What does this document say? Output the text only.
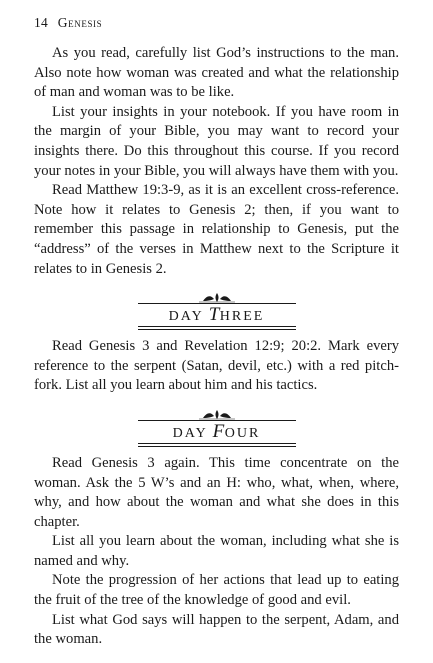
14 Genesis

As you read, carefully list God’s instructions to the man. Also note how woman was created and what the relationship of man and woman was to be like.

List your insights in your notebook. If you have room in the margin of your Bible, you may want to record your insights there. Do this throughout this course. If you record your notes in your Bible, you will always have them with you.

Read Matthew 19:3-9, as it is an excellent cross-reference. Note how it relates to Genesis 2; then, if you want to remember this passage in relationship to Genesis, put the “address” of the verses in Matthew next to the Scripture it relates to in Genesis 2.

DAY THREE

Read Genesis 3 and Revelation 12:9; 20:2. Mark every reference to the serpent (Satan, devil, etc.) with a red pitchfork. List all you learn about him and his tactics.

DAY FOUR

Read Genesis 3 again. This time concentrate on the woman. Ask the 5 W’s and an H: who, what, when, where, why, and how about the woman and what she does in this chapter.

List all you learn about the woman, including what she is named and why.

Note the progression of her actions that lead up to eating the fruit of the tree of the knowledge of good and evil.

List what God says will happen to the serpent, Adam, and the woman.
